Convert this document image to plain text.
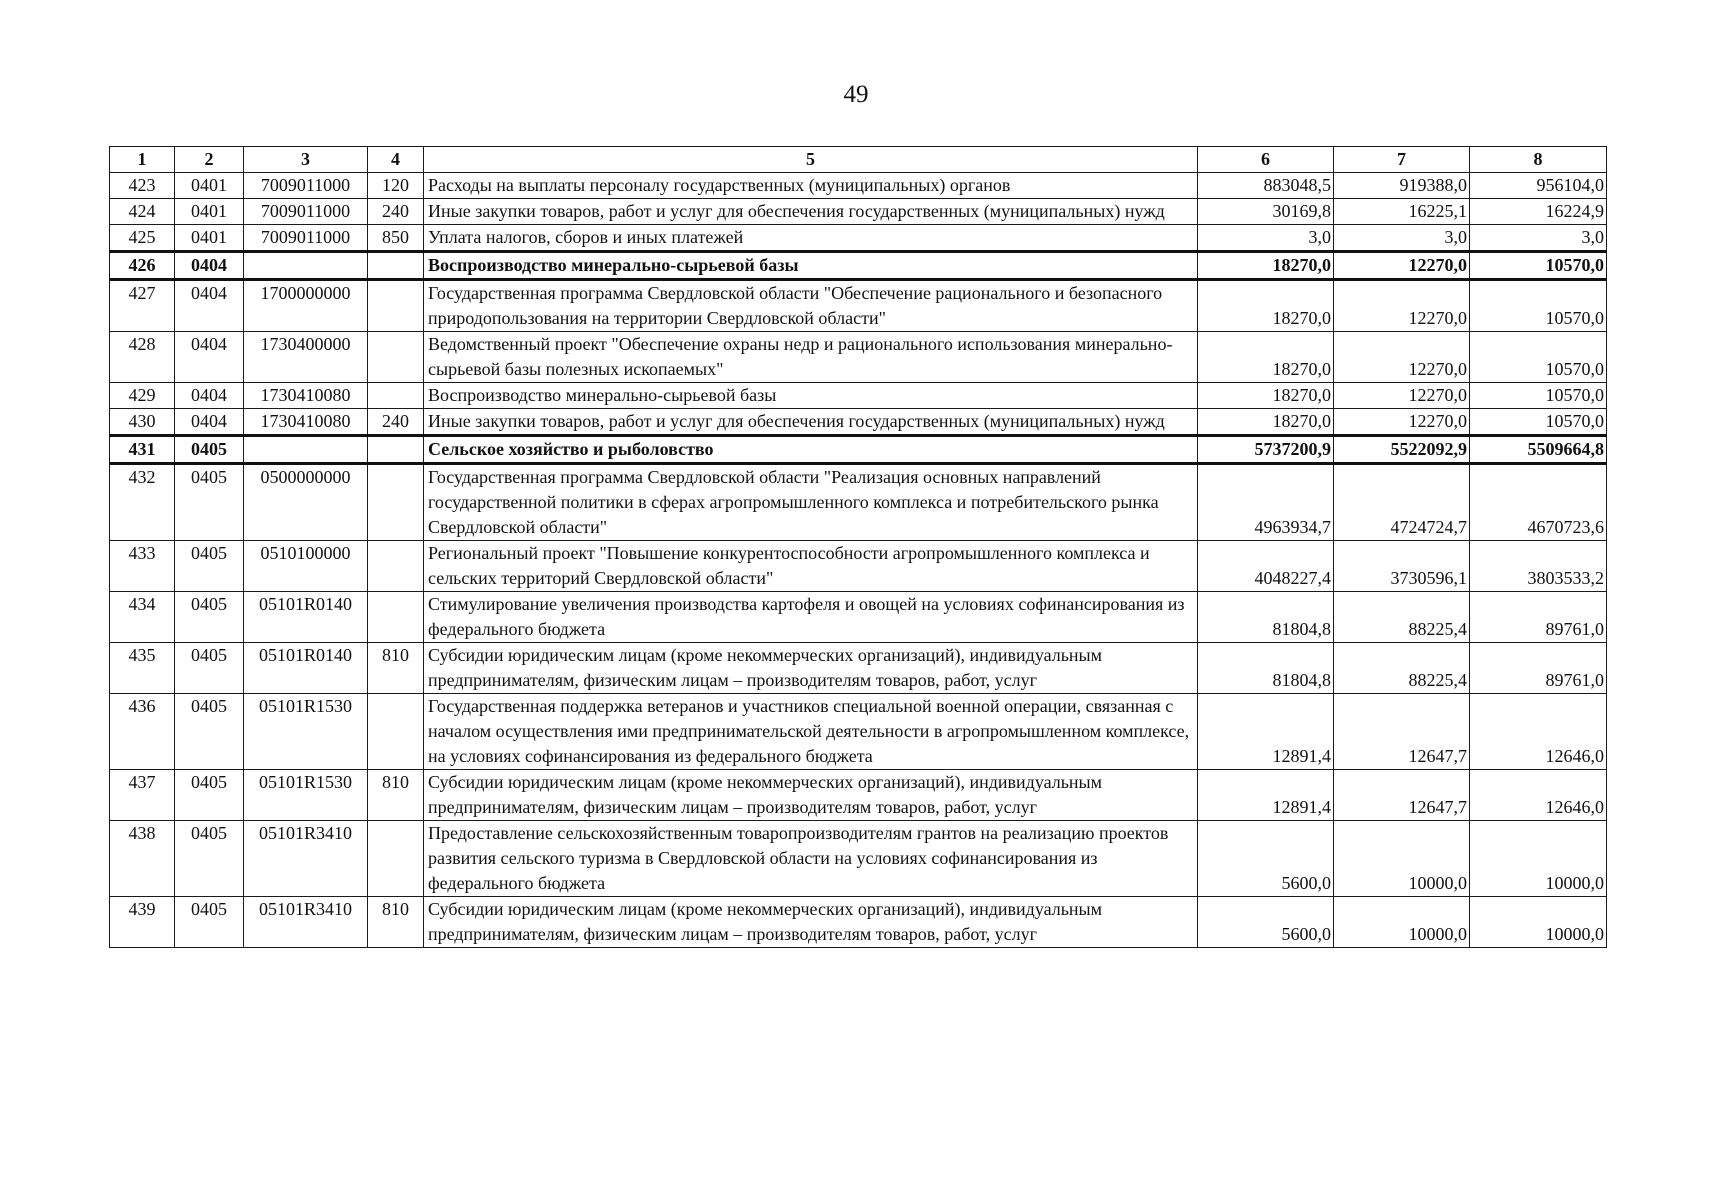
49
1	2	3	4	5	6	7	8
423	0401	7009011000	120	Расходы на выплаты персоналу государственных (муниципальных) органов	883048,5	919388,0	956104,0
424	0401	7009011000	240	Иные закупки товаров, работ и услуг для обеспечения государственных (муниципальных) нужд	30169,8	16225,1	16224,9
425	0401	7009011000	850	Уплата налогов, сборов и иных платежей	3,0	3,0	3,0
426	0404			Воспроизводство минерально-сырьевой базы	18270,0	12270,0	10570,0
427	0404	1700000000		Государственная программа Свердловской области "Обеспечение рационального и безопасного природопользования на территории Свердловской области"	18270,0	12270,0	10570,0
428	0404	1730400000		Ведомственный проект "Обеспечение охраны недр и рационального использования минерально-сырьевой базы полезных ископаемых"	18270,0	12270,0	10570,0
429	0404	1730410080		Воспроизводство минерально-сырьевой базы	18270,0	12270,0	10570,0
430	0404	1730410080	240	Иные закупки товаров, работ и услуг для обеспечения государственных (муниципальных) нужд	18270,0	12270,0	10570,0
431	0405			Сельское хозяйство и рыболовство	5737200,9	5522092,9	5509664,8
432	0405	0500000000		Государственная программа Свердловской области "Реализация основных направлений государственной политики в сферах агропромышленного комплекса и потребительского рынка Свердловской области"	4963934,7	4724724,7	4670723,6
433	0405	0510100000		Региональный проект "Повышение конкурентоспособности агропромышленного комплекса и сельских территорий Свердловской области"	4048227,4	3730596,1	3803533,2
434	0405	05101R0140		Стимулирование увеличения производства картофеля и овощей на условиях софинансирования из федерального бюджета	81804,8	88225,4	89761,0
435	0405	05101R0140	810	Субсидии юридическим лицам (кроме некоммерческих организаций), индивидуальным предпринимателям, физическим лицам – производителям товаров, работ, услуг	81804,8	88225,4	89761,0
436	0405	05101R1530		Государственная поддержка ветеранов и участников специальной военной операции, связанная с началом осуществления ими предпринимательской деятельности в агропромышленном комплексе, на условиях софинансирования из федерального бюджета	12891,4	12647,7	12646,0
437	0405	05101R1530	810	Субсидии юридическим лицам (кроме некоммерческих организаций), индивидуальным предпринимателям, физическим лицам – производителям товаров, работ, услуг	12891,4	12647,7	12646,0
438	0405	05101R3410		Предоставление сельскохозяйственным товаропроизводителям грантов на реализацию проектов развития сельского туризма в Свердловской области на условиях софинансирования из федерального бюджета	5600,0	10000,0	10000,0
439	0405	05101R3410	810	Субсидии юридическим лицам (кроме некоммерческих организаций), индивидуальным предпринимателям, физическим лицам – производителям товаров, работ, услуг	5600,0	10000,0	10000,0
